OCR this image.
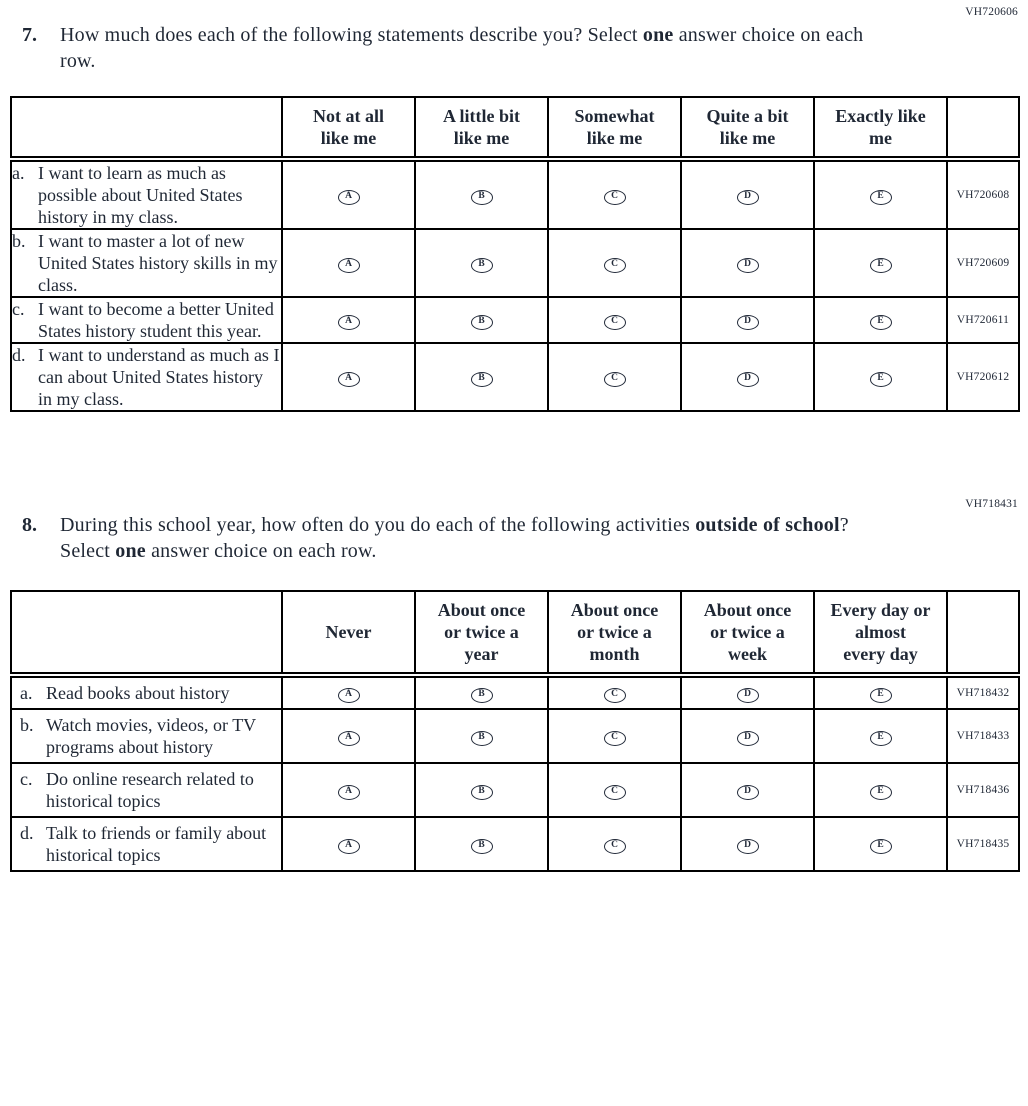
VH720606
7.	How much does each of the following statements describe you? Select one answer choice on each row.

	Not at all
like me	A little bit
like me	Somewhat
like me	Quite a bit
like me	Exactly like
me	

a. I want to learn as much as possible about United States history in my class.	A	B	C	D	E	VH720608

b. I want to master a lot of new United States history skills in my class.	A	B	C	D	E	VH720609

c. I want to become a better United States history student this year.	A	B	C	D	E	VH720611

d. I want to understand as much as I can about United States history in my class.	A	B	C	D	E	VH720612
VH718431
8.	During this school year, how often do you do each of the following activities outside of school? Select one answer choice on each row.

	Never	About once
or twice a
year	About once
or twice a
month	About once
or twice a
week	Every day or
almost
every day	

a. Read books about history	A	B	C	D	E	VH718432

b. Watch movies, videos, or TV programs about history	A	B	C	D	E	VH718433

c. Do online research related to historical topics	A	B	C	D	E	VH718436

d. Talk to friends or family about historical topics	A	B	C	D	E	VH718435
